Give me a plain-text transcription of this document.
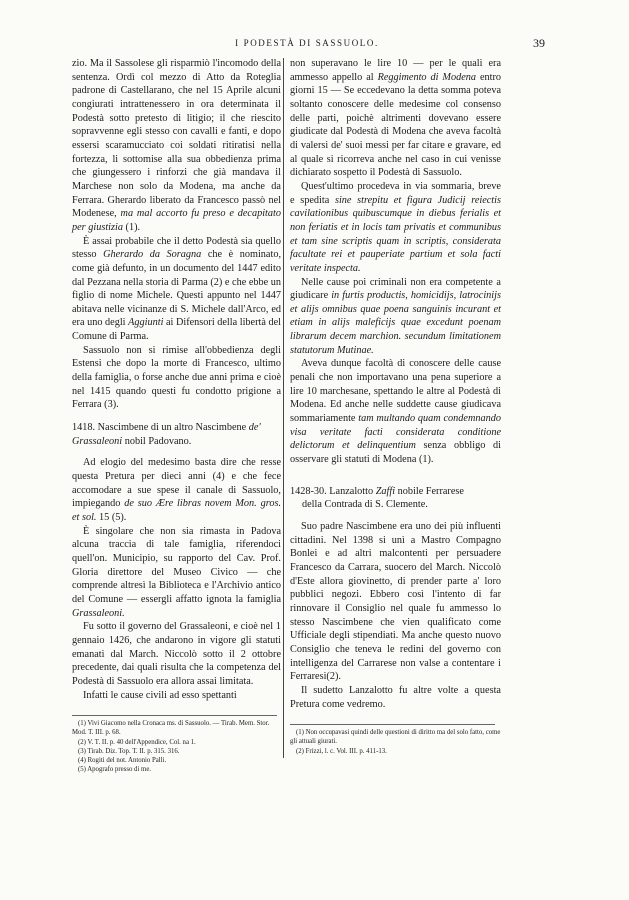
I PODESTÀ DI SASSUOLO.	39

zio. Ma il Sassolese gli risparmiò l'incomodo della sentenza. Ordì col mezzo di Atto da Roteglia padrone di Castellarano, che nel 15 Aprile alcuni congiurati intrattenessero in ora determinata il Podestà sotto pretesto di litigio; il che riescito sopravvenne egli stesso con cavalli e fanti, e dopo essersi scaramucciato coi soldati ritiratisi nella fortezza, li sottomise alla sua obbedienza prima che giungessero i rinforzi che già mandava il Marchese non solo da Modena, ma anche da Ferrara. Gherardo liberato da Francesco passò nel Modenese, ma mal accorto fu preso e decapitato per giustizia (1).

È assai probabile che il detto Podestà sia quello stesso Gherardo da Soragna che è nominato, come già defunto, in un documento del 1447 edito dal Pezzana nella storia di Parma (2) e che ebbe un figlio di nome Michele. Questi appunto nel 1447 abitava nelle vicinanze di S. Michele dall'Arco, ed era uno degli Aggiunti ai Difensori della libertà del Comune di Parma.

Sassuolo non si rimise all'obbedienza degli Estensi che dopo la morte di Francesco, ultimo della famiglia, o forse anche due anni prima e cioè nel 1415 quando questi fu condotto prigione a Ferrara (3).

1418. Nascimbene di un altro Nascimbene de' Grassaleoni nobil Padovano.

Ad elogio del medesimo basta dire che resse questa Pretura per dieci anni (4) e che fece accomodare a sue spese il canale di Sassuolo, impiegando de suo Ære libras novem Mon. gros. et sol. 15 (5).

È singolare che non sia rimasta in Padova alcuna traccia di tale famiglia, riferendoci quell'on. Municipio, su rapporto del Cav. Prof. Gloria direttore del Museo Civico — che comprende altresì la Biblioteca e l'Archivio antico del Comune — essergli affatto ignota la famiglia Grassaleoni.

Fu sotto il governo del Grassaleoni, e cioè nel 1 gennaio 1426, che andarono in vigore gli statuti emanati dal March. Niccolò sotto il 2 ottobre precedente, dai quali risulta che la competenza del Podestà di Sassuolo era allora assai limitata.

Infatti le cause civili ad esso spettanti

(1) Vivi Giacomo nella Cronaca ms. di Sassuolo. — Tirab. Mem. Stor. Mod. T. III. p. 68.
(2) V. T. II. p. 40 dell'Appendice, Col. na 1.
(3) Tirab. Diz. Top. T. II. p. 315. 316.
(4) Rogiti del not. Antonio Palli.
(5) Apografo presso di me.

non superavano le lire 10 — per le quali era ammesso appello al Reggimento di Modena entro giorni 15 — Se eccedevano la detta somma poteva soltanto conoscere delle medesime col consenso delle parti, poichè altrimenti dovevano essere giudicate dal Podestà di Modena che aveva facoltà di valersi de' suoi messi per far citare e gravare, ed al quale si ricorreva anche nel caso in cui venisse dichiarato sospetto il Podestà di Sassuolo.

Quest'ultimo procedeva in via sommaria, breve e spedita sine strepitu et figura Judicij reiectis cavilationibus quibuscumque in diebus ferialis et non feriatis et in locis tam privatis et communibus et tam sine scriptis quam in scriptis, considerata facultate rei et pauperiate partium et sola facti veritate inspecta.

Nelle cause poi criminali non era competente a giudicare in furtis productis, homicidijs, latrocinijs et alijs omnibus quae poena sanguinis incurant et etiam in alijs maleficijs quae excedunt poenam librarum decem marchion. secundum limitationem statutorum Mutinae.

Aveva dunque facoltà di conoscere delle cause penali che non importavano una pena superiore a lire 10 marchesane, spettando le altre al Podestà di Modena. Ed anche nelle suddette cause giudicava sommariamente tam multando quam condemnando visa veritate facti considerata conditione delictorum et delinquentium senza obbligo di osservare gli statuti di Modena (1).

1428-30. Lanzalotto Zaffi nobile Ferrarese
della Contrada di S. Clemente.

Suo padre Nascimbene era uno dei più influenti cittadini. Nel 1398 si unì a Mastro Compagno Bonlei e ad altri malcontenti per persuadere Francesco da Carrara, suocero del March. Niccolò d'Este allora giovinetto, di prender parte a' loro pubblici negozi. Ebbero così l'intento di far rinnovare il Consiglio nel quale fu ammesso lo stesso Nascimbene che vien qualificato come Ufficiale degli stipendiati. Ma anche questo nuovo Consiglio che teneva le redini del governo con intelligenza del Carrarese non valse a contentare i Ferraresi(2).

Il sudetto Lanzalotto fu altre volte a questa Pretura come vedremo.

(1) Non occupavasi quindi delle questioni di diritto ma del solo fatto, come gli attuali giurati.
(2) Frizzi, l. c. Vol. III. p. 411-13.
